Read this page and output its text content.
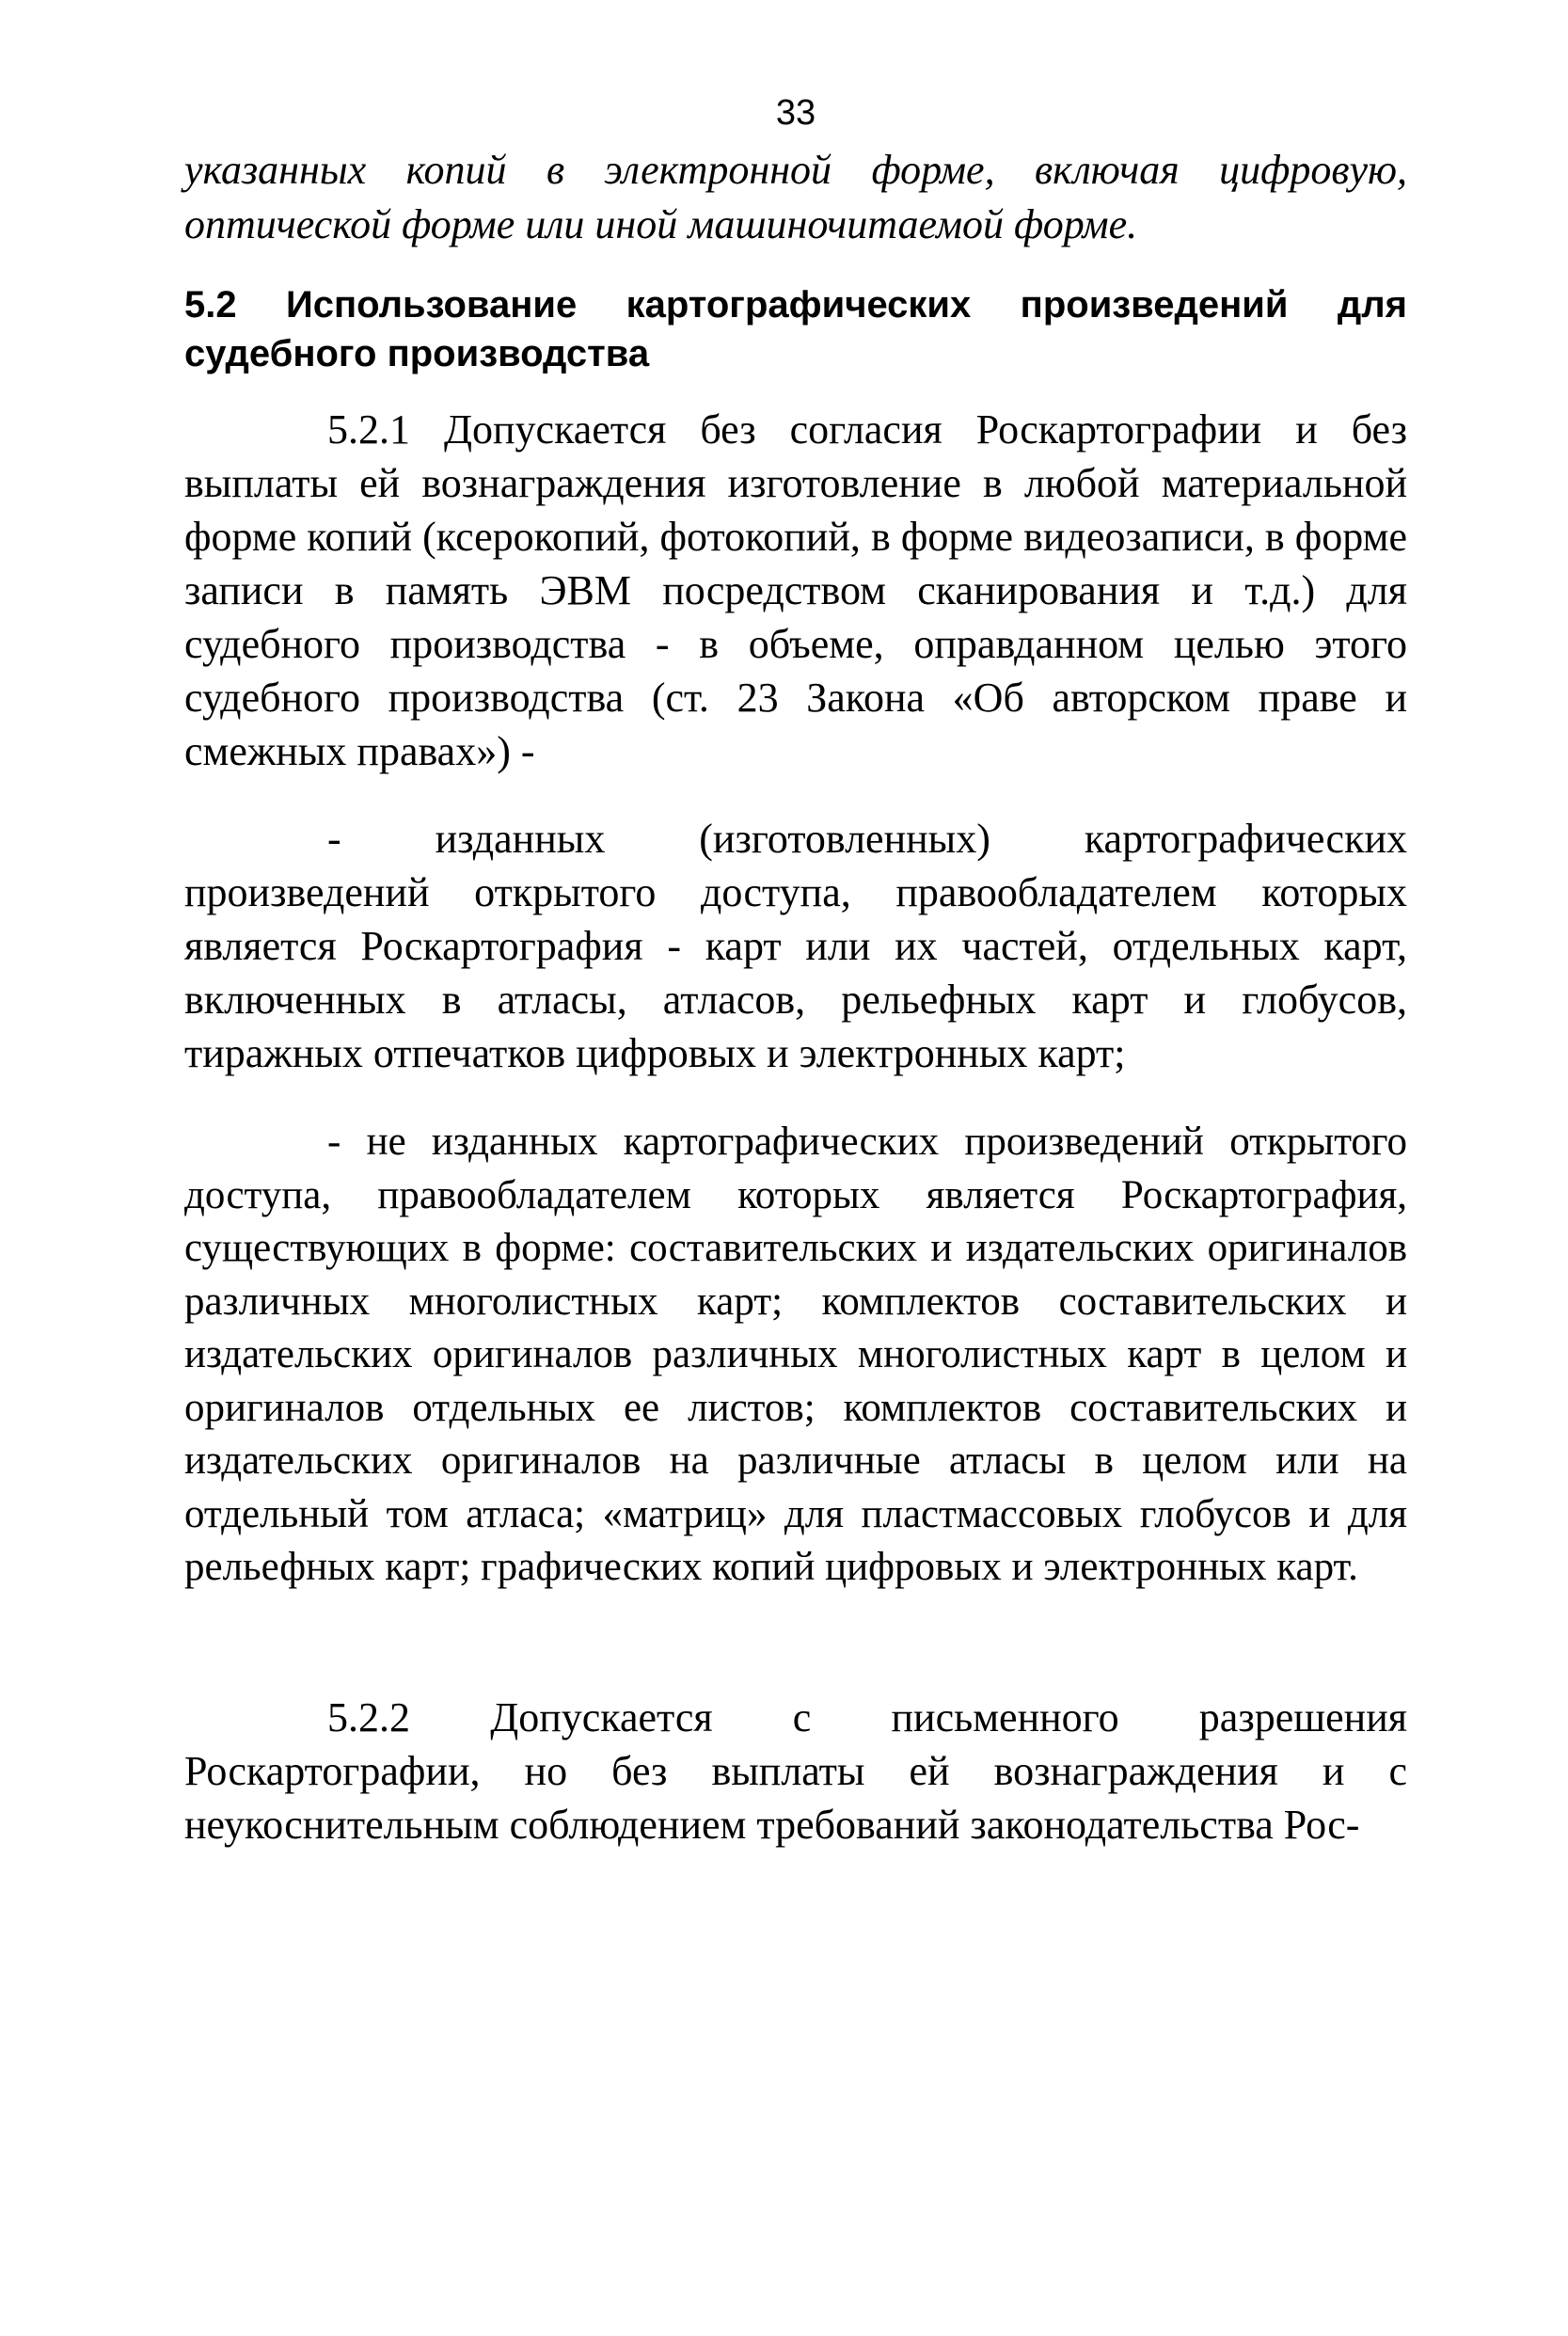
33
указанных копий в электронной форме, включая цифровую, оптической форме или иной машиночитаемой форме.
5.2 Использование картографических произведений для судебного производства

5.2.1 Допускается без согласия Роскартографии и без выплаты ей вознаграждения изготовление в любой материальной форме копий (ксерокопий, фотокопий, в форме видеозаписи, в форме записи в память ЭВМ посредством сканирования и т.д.) для судебного производства - в объеме, оправданном целью этого судебного производства (ст. 23 Закона «Об авторском праве и смежных правах») -

- изданных (изготовленных) картографических произведений открытого доступа, правообладателем которых является Роскартография - карт или их частей, отдельных карт, включенных в атласы, атласов, рельефных карт и глобусов, тиражных отпечатков цифровых и электронных карт;

- не изданных картографических произведений открытого доступа, правообладателем которых является Роскартография, существующих в форме: составительских и издательских оригиналов различных многолистных карт; комплектов составительских и издательских оригиналов различных многолистных карт в целом и оригиналов отдельных ее листов; комплектов составительских и издательских оригиналов на различные атласы в целом или на отдельный том атласа; «матриц» для пластмассовых глобусов и для рельефных карт; графических копий цифровых и электронных карт.

5.2.2 Допускается с письменного разрешения Роскартографии, но без выплаты ей вознаграждения и с неукоснительным соблюдением требований законодательства Рос-
